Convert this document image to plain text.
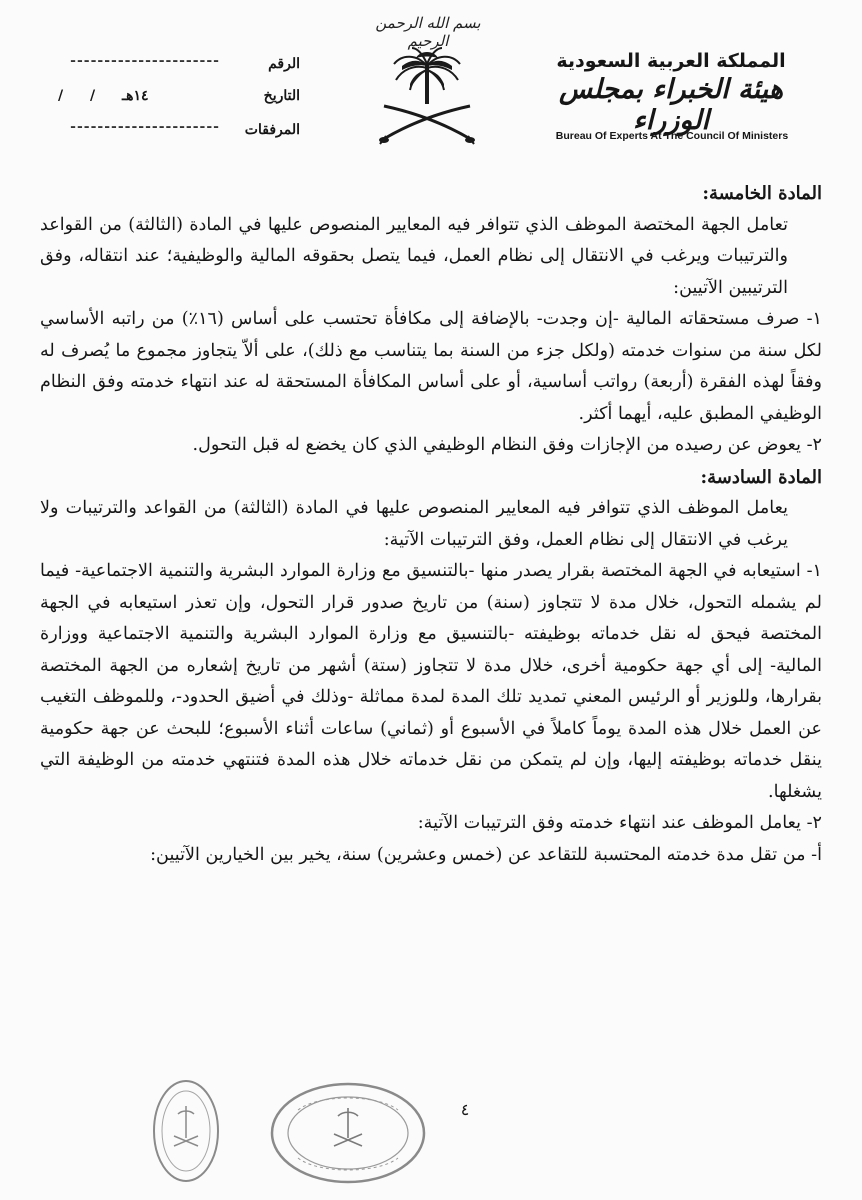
بسم الله الرحمن الرحيم
الرقم
----------------------
التاريخ
/ / ١٤هـ
المرفقات
----------------------
المملكة العربية السعودية
هيئة الخبراء بمجلس الوزراء
Bureau Of Experts At The Council Of Ministers

المادة الخامسة:

تعامل الجهة المختصة الموظف الذي تتوافر فيه المعايير المنصوص عليها في المادة (الثالثة) من القواعد والترتيبات ويرغب في الانتقال إلى نظام العمل، فيما يتصل بحقوقه المالية والوظيفية؛ عند انتقاله، وفق الترتيبين الآتيين:

١- صرف مستحقاته المالية -إن وجدت- بالإضافة إلى مكافأة تحتسب على أساس (١٦٪) من راتبه الأساسي لكل سنة من سنوات خدمته (ولكل جزء من السنة بما يتناسب مع ذلك)، على ألاّ يتجاوز مجموع ما يُصرف له وفقاً لهذه الفقرة (أربعة) رواتب أساسية، أو على أساس المكافأة المستحقة له عند انتهاء خدمته وفق النظام الوظيفي المطبق عليه، أيهما أكثر.

٢- يعوض عن رصيده من الإجازات وفق النظام الوظيفي الذي كان يخضع له قبل التحول.

المادة السادسة:

يعامل الموظف الذي تتوافر فيه المعايير المنصوص عليها في المادة (الثالثة) من القواعد والترتيبات ولا يرغب في الانتقال إلى نظام العمل، وفق الترتيبات الآتية:

١- استيعابه في الجهة المختصة بقرار يصدر منها -بالتنسيق مع وزارة الموارد البشرية والتنمية الاجتماعية- فيما لم يشمله التحول، خلال مدة لا تتجاوز (سنة) من تاريخ صدور قرار التحول، وإن تعذر استيعابه في الجهة المختصة فيحق له نقل خدماته بوظيفته -بالتنسيق مع وزارة الموارد البشرية والتنمية الاجتماعية ووزارة المالية- إلى أي جهة حكومية أخرى، خلال مدة لا تتجاوز (ستة) أشهر من تاريخ إشعاره من الجهة المختصة بقرارها، وللوزير أو الرئيس المعني تمديد تلك المدة لمدة مماثلة -وذلك في أضيق الحدود-، وللموظف التغيب عن العمل خلال هذه المدة يوماً كاملاً في الأسبوع أو (ثماني) ساعات أثناء الأسبوع؛ للبحث عن جهة حكومية ينقل خدماته بوظيفته إليها، وإن لم يتمكن من نقل خدماته خلال هذه المدة فتنتهي خدمته من الوظيفة التي يشغلها.

٢- يعامل الموظف عند انتهاء خدمته وفق الترتيبات الآتية:

أ- من تقل مدة خدمته المحتسبة للتقاعد عن (خمس وعشرين) سنة، يخير بين الخيارين الآتيين:

٤
